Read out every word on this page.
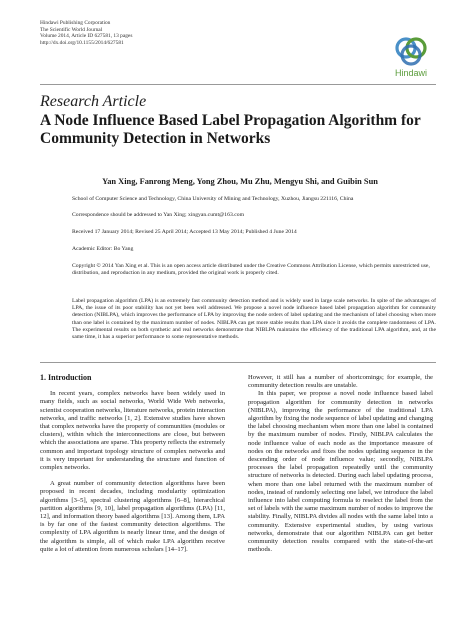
Hindawi Publishing Corporation
The Scientific World Journal
Volume 2014, Article ID 627581, 13 pages
http://dx.doi.org/10.1155/2014/627581
Hindawi
Research Article
A Node Influence Based Label Propagation Algorithm for Community Detection in Networks
Yan Xing, Fanrong Meng, Yong Zhou, Mu Zhu, Mengyu Shi, and Guibin Sun
School of Computer Science and Technology, China University of Mining and Technology, Xuzhou, Jiangsu 221116, China
Correspondence should be addressed to Yan Xing; xingyan.cumt@163.com
Received 17 January 2014; Revised 25 April 2014; Accepted 13 May 2014; Published 4 June 2014
Academic Editor: Bo Yang
Copyright © 2014 Yan Xing et al. This is an open access article distributed under the Creative Commons Attribution License, which permits unrestricted use, distribution, and reproduction in any medium, provided the original work is properly cited.
Label propagation algorithm (LPA) is an extremely fast community detection method and is widely used in large scale networks. In spite of the advantages of LPA, the issue of its poor stability has not yet been well addressed. We propose a novel node influence based label propagation algorithm for community detection (NIBLPA), which improves the performance of LPA by improving the node orders of label updating and the mechanism of label choosing when more than one label is contained by the maximum number of nodes. NIBLPA can get more stable results than LPA since it avoids the complete randomness of LPA. The experimental results on both synthetic and real networks demonstrate that NIBLPA maintains the efficiency of the traditional LPA algorithm, and, at the same time, it has a superior performance to some representative methods.

1. Introduction

In recent years, complex networks have been widely used in many fields, such as social networks, World Wide Web networks, scientist cooperation networks, literature networks, protein interaction networks, and traffic networks [1, 2]. Extensive studies have shown that complex networks have the property of communities (modules or clusters), within which the interconnections are close, but between which the associations are sparse. This property reflects the extremely common and important topology structure of complex networks and it is very important for understanding the structure and function of complex networks.

A great number of community detection algorithms have been proposed in recent decades, including modularity optimization algorithms [3–5], spectral clustering algorithms [6–8], hierarchical partition algorithms [9, 10], label propagation algorithms (LPA) [11, 12], and information theory based algorithms [13]. Among them, LPA is by far one of the fastest community detection algorithms. The complexity of LPA algorithm is nearly linear time, and the design of the algorithm is simple, all of which make LPA algorithm receive quite a lot of attention from numerous scholars [14–17].

However, it still has a number of shortcomings; for example, the community detection results are unstable.

In this paper, we propose a novel node influence based label propagation algorithm for community detection in networks (NIBLPA), improving the performance of the traditional LPA algorithm by fixing the node sequence of label updating and changing the label choosing mechanism when more than one label is contained by the maximum number of nodes. Firstly, NIBLPA calculates the node influence value of each node as the importance measure of nodes on the networks and fixes the nodes updating sequence in the descending order of node influence value; secondly, NIBLPA processes the label propagation repeatedly until the community structure of networks is detected. During each label updating process, when more than one label returned with the maximum number of nodes, instead of randomly selecting one label, we introduce the label influence into label computing formula to reselect the label from the set of labels with the same maximum number of nodes to improve the stability. Finally, NIBLPA divides all nodes with the same label into a community. Extensive experimental studies, by using various networks, demonstrate that our algorithm NIBLPA can get better community detection results compared with the state-of-the-art methods.
